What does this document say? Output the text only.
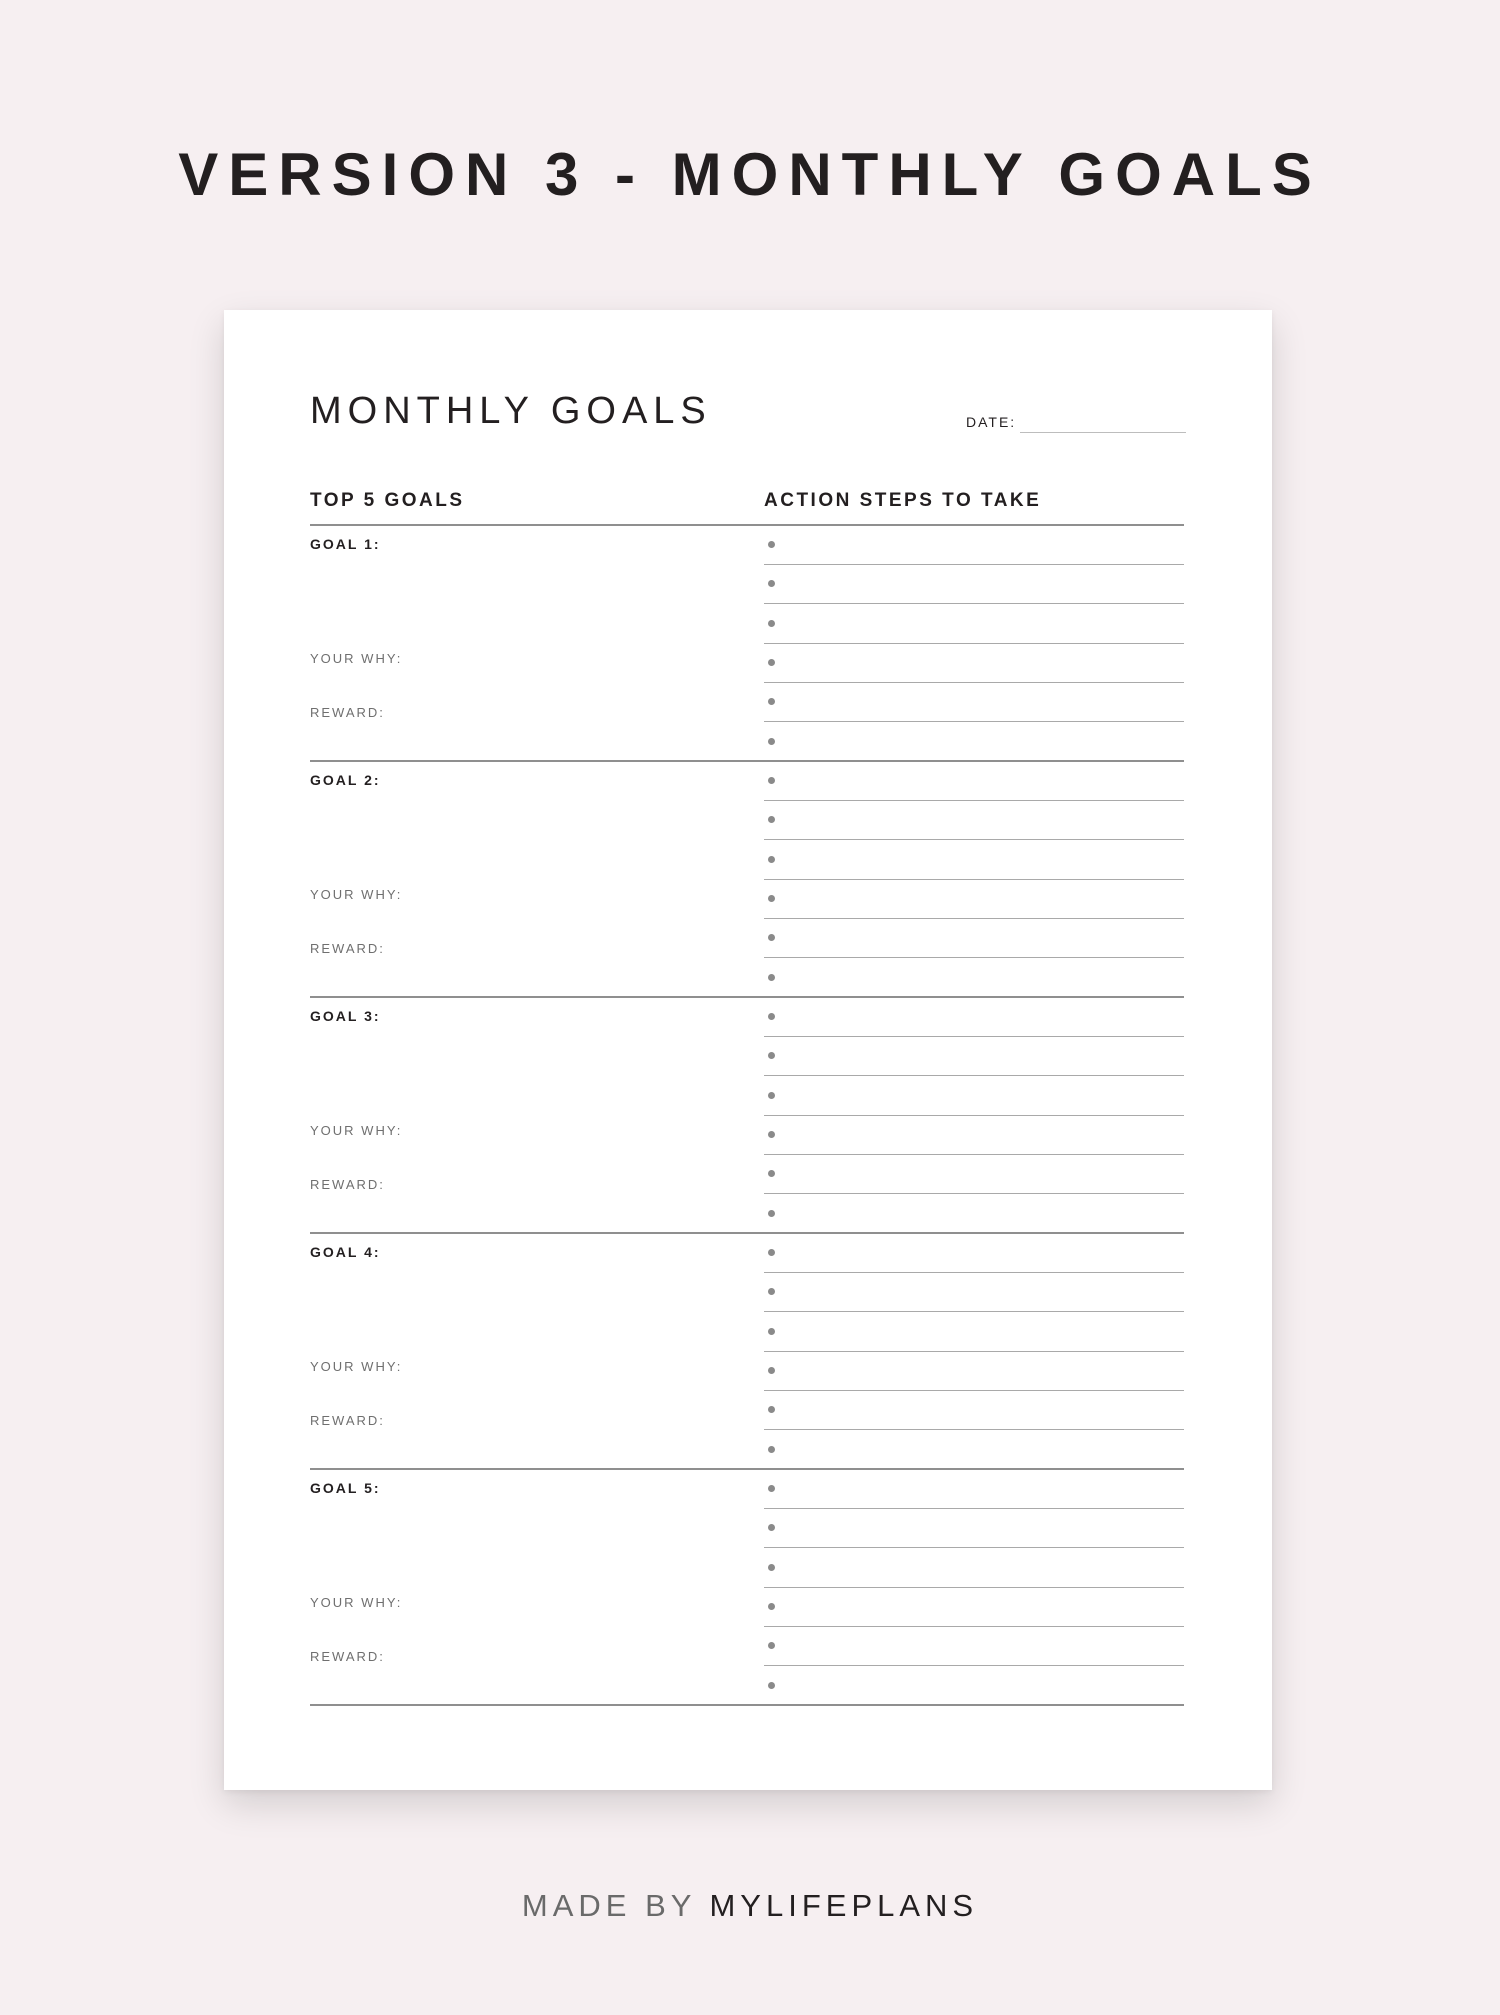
VERSION 3 - MONTHLY GOALS
MONTHLY GOALS	DATE:
TOP 5 GOALS	ACTION STEPS TO TAKE
GOAL 1:
YOUR WHY:
REWARD:
GOAL 2:
YOUR WHY:
REWARD:
GOAL 3:
YOUR WHY:
REWARD:
GOAL 4:
YOUR WHY:
REWARD:
GOAL 5:
YOUR WHY:
REWARD:
MADE BY MYLIFEPLANS
